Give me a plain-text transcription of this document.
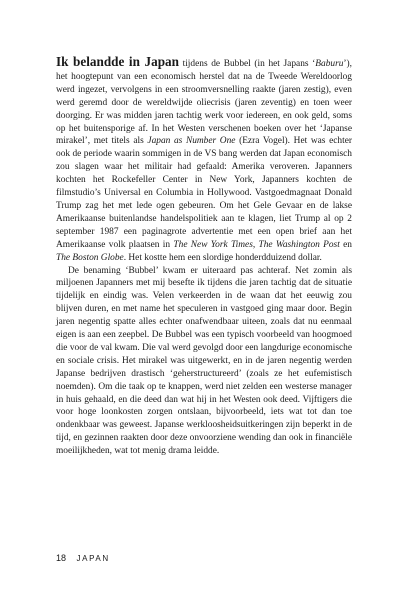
Ik belandde in Japan tijdens de Bubbel (in het Japans ‘Baburu’), het hoogtepunt van een economisch herstel dat na de Tweede Wereldoorlog werd ingezet, vervolgens in een stroomversnelling raakte (jaren zestig), even werd geremd door de wereldwijde oliecrisis (jaren zeventig) en toen weer doorging. Er was midden jaren tachtig werk voor iedereen, en ook geld, soms op het buitensporige af. In het Westen verschenen boeken over het ‘Japanse mirakel’, met titels als Japan as Number One (Ezra Vogel). Het was echter ook de periode waarin sommigen in de VS bang werden dat Japan economisch zou slagen waar het militair had gefaald: Amerika veroveren. Japanners kochten het Rockefeller Center in New York, Japanners kochten de filmstudio’s Universal en Columbia in Hollywood. Vastgoedmagnaat Donald Trump zag het met lede ogen gebeuren. Om het Gele Gevaar en de lakse Amerikaanse buitenlandse handelspolitiek aan te klagen, liet Trump al op 2 september 1987 een paginagrote advertentie met een open brief aan het Amerikaanse volk plaatsen in The New York Times, The Washington Post en The Boston Globe. Het kostte hem een slordige honderdduizend dollar.

De benaming ‘Bubbel’ kwam er uiteraard pas achteraf. Net zomin als miljoenen Japanners met mij besefte ik tijdens die jaren tachtig dat de situatie tijdelijk en eindig was. Velen verkeerden in de waan dat het eeuwig zou blijven duren, en met name het speculeren in vastgoed ging maar door. Begin jaren negentig spatte alles echter onafwendbaar uiteen, zoals dat nu eenmaal eigen is aan een zeepbel. De Bubbel was een typisch voorbeeld van hoogmoed die voor de val kwam. Die val werd gevolgd door een langdurige economische en sociale crisis. Het mirakel was uitgewerkt, en in de jaren negentig werden Japanse bedrijven drastisch ‘geherstructureerd’ (zoals ze het eufemistisch noemden). Om die taak op te knappen, werd niet zelden een westerse manager in huis gehaald, en die deed dan wat hij in het Westen ook deed. Vijftigers die voor hoge loonkosten zorgen ontslaan, bijvoorbeeld, iets wat tot dan toe ondenkbaar was geweest. Japanse werkloosheidsuitkeringen zijn beperkt in de tijd, en gezinnen raakten door deze onvoorziene wending dan ook in financiële moeilijkheden, wat tot menig drama leidde.

18 JAPAN
